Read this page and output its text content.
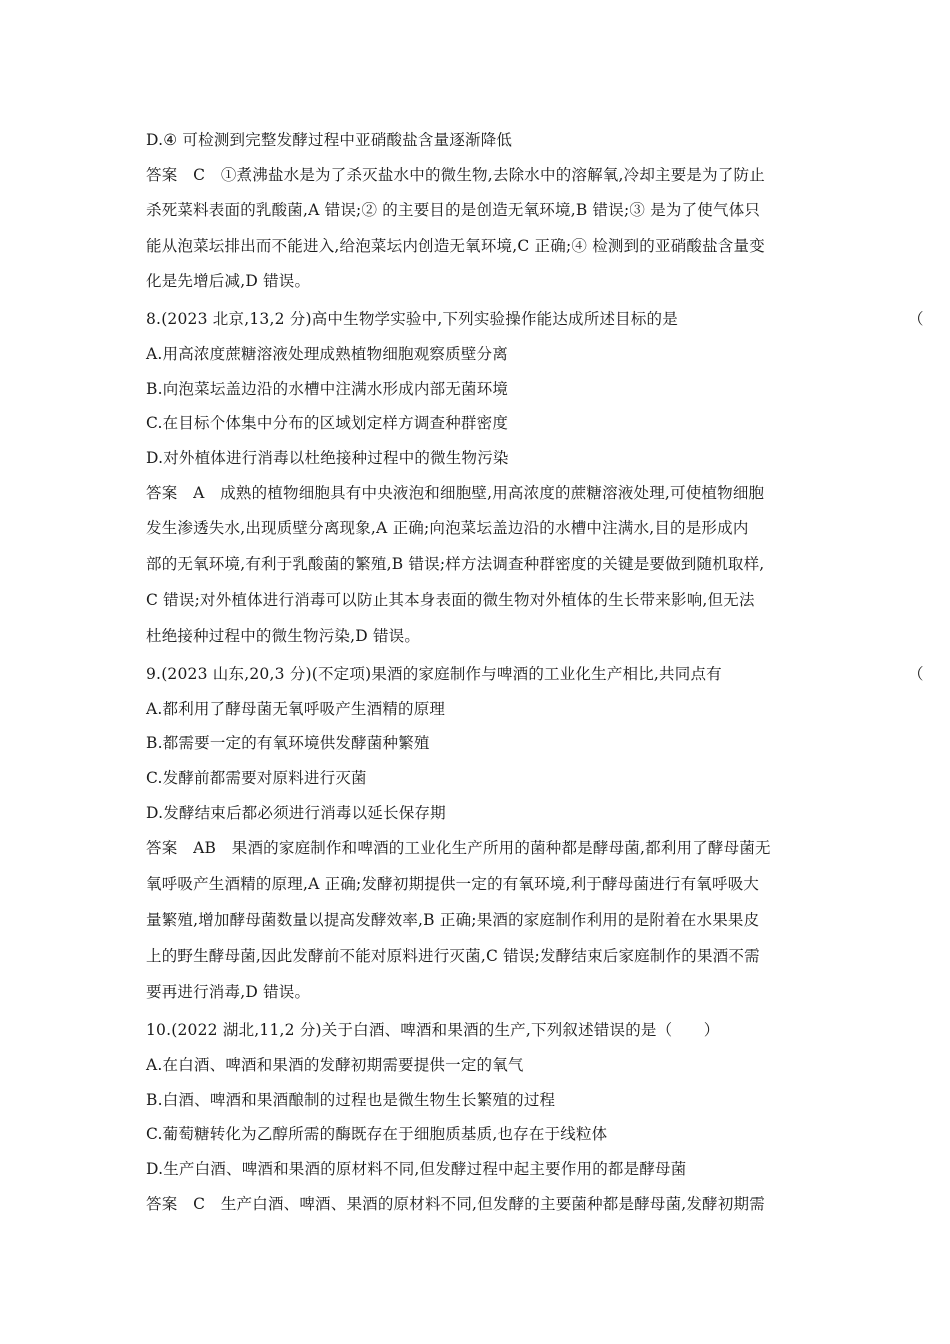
D.④ 可检测到完整发酵过程中亚硝酸盐含量逐渐降低
答案　C　①煮沸盐水是为了杀灭盐水中的微生物,去除水中的溶解氧,冷却主要是为了防止
杀死菜料表面的乳酸菌,A 错误;② 的主要目的是创造无氧环境,B 错误;③ 是为了使气体只
能从泡菜坛排出而不能进入,给泡菜坛内创造无氧环境,C 正确;④ 检测到的亚硝酸盐含量变
化是先增后减,D 错误。
8.(2023 北京,13,2 分)高中生物学实验中,下列实验操作能达成所述目标的是	（
A.用高浓度蔗糖溶液处理成熟植物细胞观察质壁分离
B.向泡菜坛盖边沿的水槽中注满水形成内部无菌环境
C.在目标个体集中分布的区域划定样方调查种群密度
D.对外植体进行消毒以杜绝接种过程中的微生物污染
答案　A　成熟的植物细胞具有中央液泡和细胞壁,用高浓度的蔗糖溶液处理,可使植物细胞
发生渗透失水,出现质壁分离现象,A 正确;向泡菜坛盖边沿的水槽中注满水,目的是形成内
部的无氧环境,有利于乳酸菌的繁殖,B 错误;样方法调查种群密度的关键是要做到随机取样,
C 错误;对外植体进行消毒可以防止其本身表面的微生物对外植体的生长带来影响,但无法
杜绝接种过程中的微生物污染,D 错误。
9.(2023 山东,20,3 分)(不定项)果酒的家庭制作与啤酒的工业化生产相比,共同点有	（
A.都利用了酵母菌无氧呼吸产生酒精的原理
B.都需要一定的有氧环境供发酵菌种繁殖
C.发酵前都需要对原料进行灭菌
D.发酵结束后都必须进行消毒以延长保存期
答案　AB　果酒的家庭制作和啤酒的工业化生产所用的菌种都是酵母菌,都利用了酵母菌无
氧呼吸产生酒精的原理,A 正确;发酵初期提供一定的有氧环境,利于酵母菌进行有氧呼吸大
量繁殖,增加酵母菌数量以提高发酵效率,B 正确;果酒的家庭制作利用的是附着在水果果皮
上的野生酵母菌,因此发酵前不能对原料进行灭菌,C 错误;发酵结束后家庭制作的果酒不需
要再进行消毒,D 错误。
10.(2022 湖北,11,2 分)关于白酒、啤酒和果酒的生产,下列叙述错误的是（　　）
A.在白酒、啤酒和果酒的发酵初期需要提供一定的氧气
B.白酒、啤酒和果酒酿制的过程也是微生物生长繁殖的过程
C.葡萄糖转化为乙醇所需的酶既存在于细胞质基质,也存在于线粒体
D.生产白酒、啤酒和果酒的原材料不同,但发酵过程中起主要作用的都是酵母菌
答案　C　生产白酒、啤酒、果酒的原材料不同,但发酵的主要菌种都是酵母菌,发酵初期需
